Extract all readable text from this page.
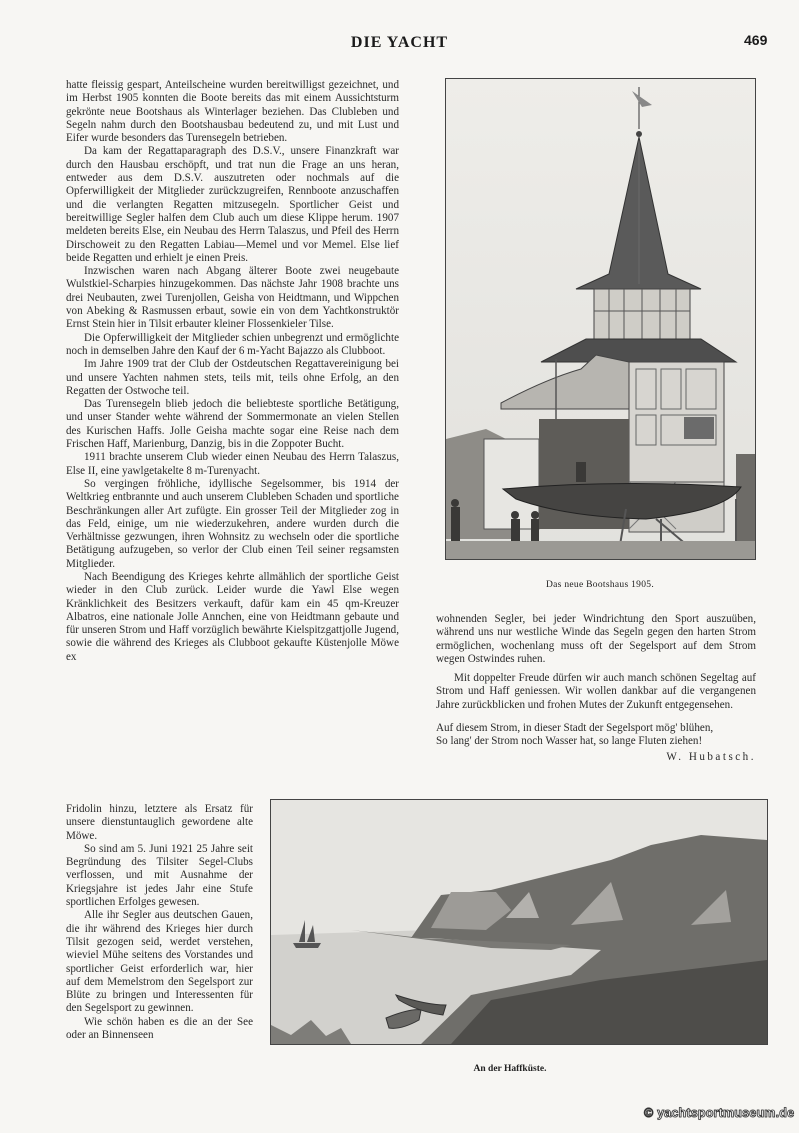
DIE YACHT	469

hatte fleissig gespart, Anteilscheine wurden bereitwilligst gezeichnet, und im Herbst 1905 konnten die Boote bereits das mit einem Aussichtsturm gekrönte neue Bootshaus als Winterlager beziehen. Das Clubleben und Segeln nahm durch den Bootshausbau bedeutend zu, und mit Lust und Eifer wurde besonders das Turensegeln betrieben.

Da kam der Regattaparagraph des D.S.V., unsere Finanzkraft war durch den Hausbau erschöpft, und trat nun die Frage an uns heran, entweder aus dem D.S.V. auszutreten oder nochmals auf die Opferwilligkeit der Mitglieder zurückzugreifen, Rennboote anzuschaffen und die verlangten Regatten mitzusegeln. Sportlicher Geist und bereitwillige Segler halfen dem Club auch um diese Klippe herum. 1907 meldeten bereits Else, ein Neubau des Herrn Talaszus, und Pfeil des Herrn Dirschoweit zu den Regatten Labiau—Memel und vor Memel. Else lief beide Regatten und erhielt je einen Preis.

Inzwischen waren nach Abgang älterer Boote zwei neugebaute Wulstkiel-Scharpies hinzugekommen. Das nächste Jahr 1908 brachte uns drei Neubauten, zwei Turenjollen, Geisha von Heidtmann, und Wippchen von Abeking & Rasmussen erbaut, sowie ein von dem Yachtkonstruktör Ernst Stein hier in Tilsit erbauter kleiner Flossenkieler Tilse.

Die Opferwilligkeit der Mitglieder schien unbegrenzt und ermöglichte noch in demselben Jahre den Kauf der 6 m-Yacht Bajazzo als Clubboot.

Im Jahre 1909 trat der Club der Ostdeutschen Regattavereinigung bei und unsere Yachten nahmen stets, teils mit, teils ohne Erfolg, an den Regatten der Ostwoche teil.

Das Turensegeln blieb jedoch die beliebteste sportliche Betätigung, und unser Stander wehte während der Sommermonate an vielen Stellen des Kurischen Haffs. Jolle Geisha machte sogar eine Reise nach dem Frischen Haff, Marienburg, Danzig, bis in die Zoppoter Bucht.

1911 brachte unserem Club wieder einen Neubau des Herrn Talaszus, Else II, eine yawlgetakelte 8 m-Turenyacht.

So vergingen fröhliche, idyllische Segelsommer, bis 1914 der Weltkrieg entbrannte und auch unserem Clubleben Schaden und sportliche Beschränkungen aller Art zufügte. Ein grosser Teil der Mitglieder zog in das Feld, einige, um nie wiederzukehren, andere wurden durch die Verhältnisse gezwungen, ihren Wohnsitz zu wechseln oder die sportliche Betätigung aufzugeben, so verlor der Club einen Teil seiner regsamsten Mitglieder.

Nach Beendigung des Krieges kehrte allmählich der sportliche Geist wieder in den Club zurück. Leider wurde die Yawl Else wegen Kränklichkeit des Besitzers verkauft, dafür kam ein 45 qm-Kreuzer Albatros, eine nationale Jolle Annchen, eine von Heidtmann gebaute und für unseren Strom und Haff vorzüglich bewährte Kielspitzgattjolle Jugend, sowie die während des Krieges als Clubboot gekaufte Küstenjolle Möwe ex

Fridolin hinzu, letztere als Ersatz für unsere dienstuntauglich gewordene alte Möwe.

So sind am 5. Juni 1921 25 Jahre seit Begründung des Tilsiter Segel-Clubs verflossen, und mit Ausnahme der Kriegsjahre ist jedes Jahr eine Stufe sportlichen Erfolges gewesen.

Alle ihr Segler aus deutschen Gauen, die ihr während des Krieges hier durch Tilsit gezogen seid, werdet verstehen, wieviel Mühe seitens des Vorstandes und sportlicher Geist erforderlich war, hier auf dem Memelstrom den Segelsport zur Blüte zu bringen und Interessenten für den Segelsport zu gewinnen.

Wie schön haben es die an der See oder an Binnenseen

wohnenden Segler, bei jeder Windrichtung den Sport auszuüben, während uns nur westliche Winde das Segeln gegen den harten Strom ermöglichen, wochenlang muss oft der Segelsport auf dem Strom wegen Ostwindes ruhen.

Mit doppelter Freude dürfen wir auch manch schönen Segeltag auf Strom und Haff geniessen. Wir wollen dankbar auf die vergangenen Jahre zurückblicken und frohen Mutes der Zukunft entgegensehen.

Auf diesem Strom, in dieser Stadt der Segelsport mög' blühen,

So lang' der Strom noch Wasser hat, so lange Fluten ziehen!

W. Hubatsch.

Das neue Bootshaus 1905.
An der Haffküste.
© yachtsportmuseum.de
